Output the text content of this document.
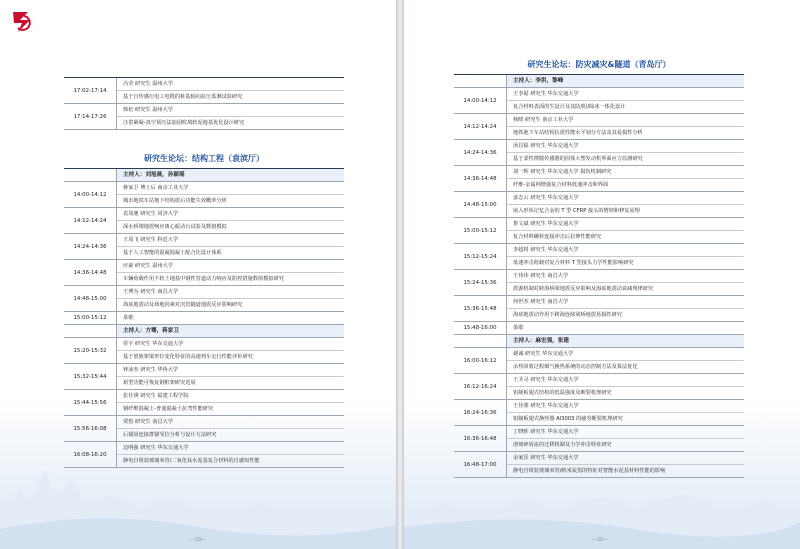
17:02-17:14
冯莹 研究生 温州大学
基于自传感压电工电缆的桩基轴向抗压监测试验研究
17:14-17:26
韩松 研究生 温州大学
注浆紧凝-真空预压法加固吹填软泥地基优化设计研究
研究生论坛：结构工程（袁滨厅）
主持人：刘旭晨，孙颖瑶
14:00-14:12
蒋家卫 博士后 南京工业大学
城市地铁车站地下结构震后功能失效概率分析
14:12-14:24
袁周驰 研究生 同济大学
深水桥墩地震响应离心振动台试验及数值模拟
14:24-14:36
王周飞 研究生 科廷大学
基于人工智能的混凝混凝土配合比设计体系
14:36-14:48
应豪 研究生 温州大学
车辆荷载作用下软土地基中钢性管道动力响应及防控措施数值模拟研究
14:48-15:00
王博为 研究生 南昌大学
海底地震动及场地因素对沉管隧道地震反应影响研究
15:00-15:12	茶歇
主持人：方骞，蒋家卫
15:20-15:32
侯宇 研究生 华东交通大学
基于震致架梁形位变化特征的高速列车走行性能评价研究
15:32-15:44
钟沛杰 研究生 华侨大学
新型功能可恢复钢框架研究进展
15:44-15:56
张仕祺 研究生 福建工程学院
钢纤维混凝土-普通混凝土抗弯性能研究
15:56-16:08
贾豹 研究生 南昌大学
后锚固连接群锚受拉分析与设计方法研究
16:08-16:20
边明强 研究生 华东交通大学
静电自组装玻璃米管/二氧化钛水泥基复合材料的自感知性能
—29—
研究生论坛：防灾减灾&隧道（青岛厅）
主持人：李洪，黎峰
14:00-14:12
王李福 研究生 华东交通大学
复合材料表面的生设计及其防/阻/除冰一体化设计
14:12-14:24
杨晴 研究生 南京工业大学
地铁地下车站结构抗震性能水平划分方法及其易损性分析
14:24-14:36
汤昌福 研究生 华东交通大学
基于柔性薄膜传感器的固体大塑发动机界面应力监测研究
14:36-14:48
刘一辉 研究生 华东交通大学 损伤机制研究
纤维-金属网增强复合材料低速冲击和界面
14:48-15:00
姜志云 研究生 华东交通大学
嵌入形状记忆合金的 T 型 CFRP 接头的增韧和修复原理
15:00-15:12
鲁文斌 研究生 华东交通大学
复合材料螺栓连接冲击后拉伸性能研究
15:12-15:24
李超将 研究生 华东交通大学
低速冲击荷载对复合材料 T 型接头力学性能影响研究
15:24-15:36
王伟伟 研究生 南昌大学
震源机制对跨海桥梁地震反应影响及海底地震动衰减规律研究
15:36-15:48
何世杰 研究生 南昌大学
海底地震动作用下跨海连续梁桥地震易损性研究
15:48-16:00	茶歇
主持人：麻宏强，张建
16:00-16:12
谢诚 研究生 华东交通大学
余热回收过程烟气换热系统的动态控制方法及算法优化
16:12-16:24
王圣寻 研究生 华东交通大学
铝制板翅式结构的低温强度及断裂机理研究
16:24-16:36
王佳骏 研究生 华东交通大学
铝制板翅式换热器 Al3003 的疲劳断裂机理研究
16:36-16:48
丁晓晖 研究生 华东交通大学
滑坡碎屑流的迁移机制及力学冲击特征研究
16:48-17:00
余家乐 研究生 华东交通大学
静电自组装玻璃米管/纳米炭黑的特征对智能水泥基材料性能的影响
—30—
